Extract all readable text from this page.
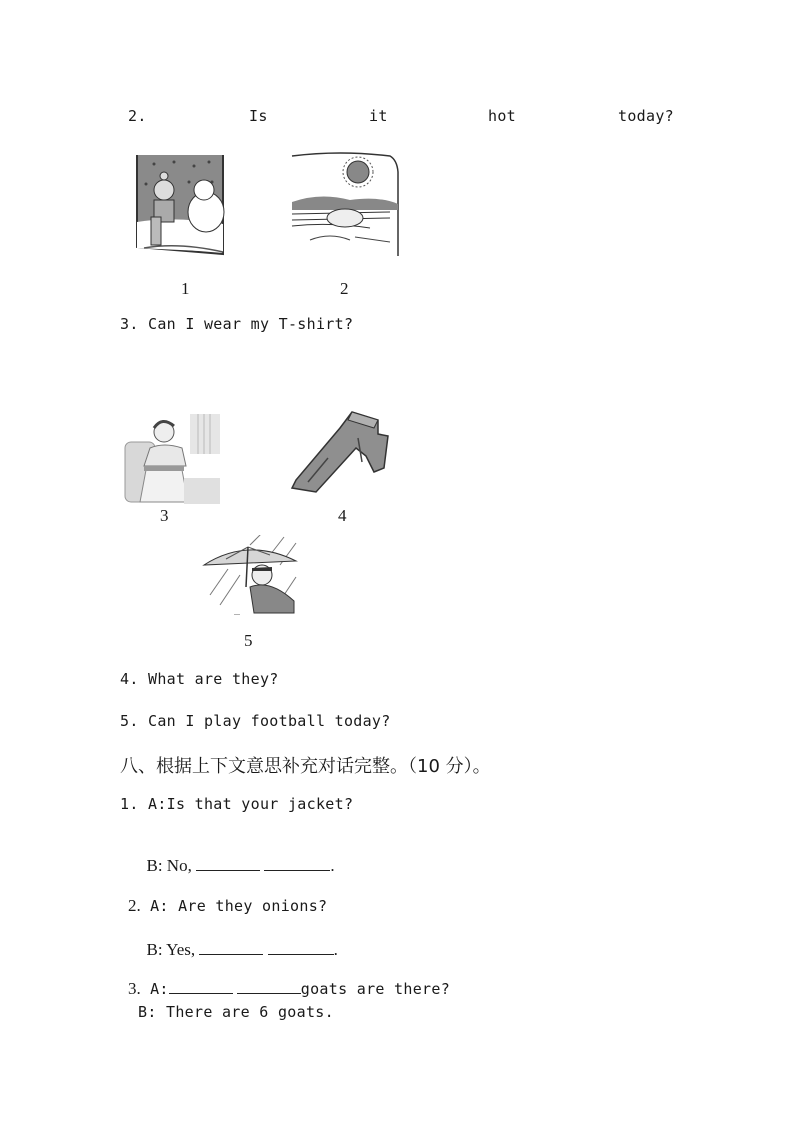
2.	Is	it	hot	today?
1	2
3. Can I wear my T-shirt?
3	4
...
5
4. What are they?
5. Can I play football today?
八、根据上下文意思补充对话完整。（10 分）。
1. A:Is that your jacket?

B: No,	.

2. A: Are they onions?

B: Yes,	.

3. A:	goats are there?

B: There are 6 goats.
